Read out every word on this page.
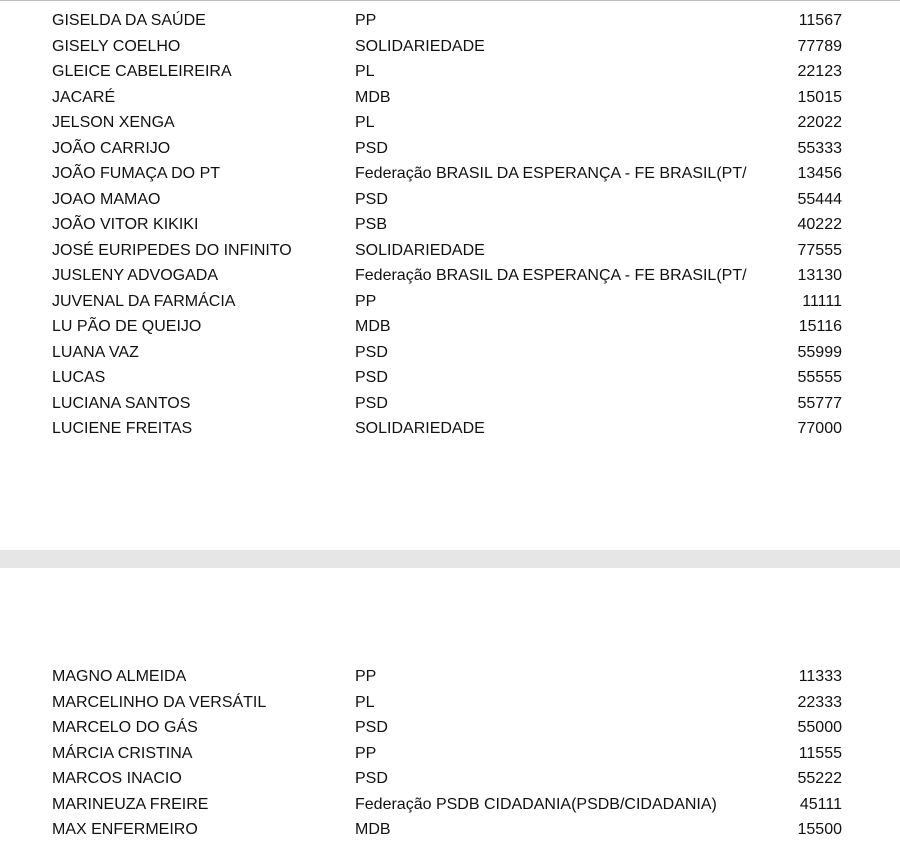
GISELDA DA SAÚDE	PP	11567
GISELY COELHO	SOLIDARIEDADE	77789
GLEICE CABELEIREIRA	PL	22123
JACARÉ	MDB	15015
JELSON XENGA	PL	22022
JOÃO CARRIJO	PSD	55333
JOÃO FUMAÇA DO PT	Federação BRASIL DA ESPERANÇA - FE BRASIL(PT/	13456
JOAO MAMAO	PSD	55444
JOÃO VITOR KIKIKI	PSB	40222
JOSÉ EURIPEDES DO INFINITO	SOLIDARIEDADE	77555
JUSLENY ADVOGADA	Federação BRASIL DA ESPERANÇA - FE BRASIL(PT/	13130
JUVENAL DA FARMÁCIA	PP	11111
LU PÃO DE QUEIJO	MDB	15116
LUANA VAZ	PSD	55999
LUCAS	PSD	55555
LUCIANA SANTOS	PSD	55777
LUCIENE FREITAS	SOLIDARIEDADE	77000
MAGNO ALMEIDA	PP	11333
MARCELINHO DA VERSÁTIL	PL	22333
MARCELO DO GÁS	PSD	55000
MÁRCIA CRISTINA	PP	11555
MARCOS INACIO	PSD	55222
MARINEUZA FREIRE	Federação PSDB CIDADANIA(PSDB/CIDADANIA)	45111
MAX ENFERMEIRO	MDB	15500
